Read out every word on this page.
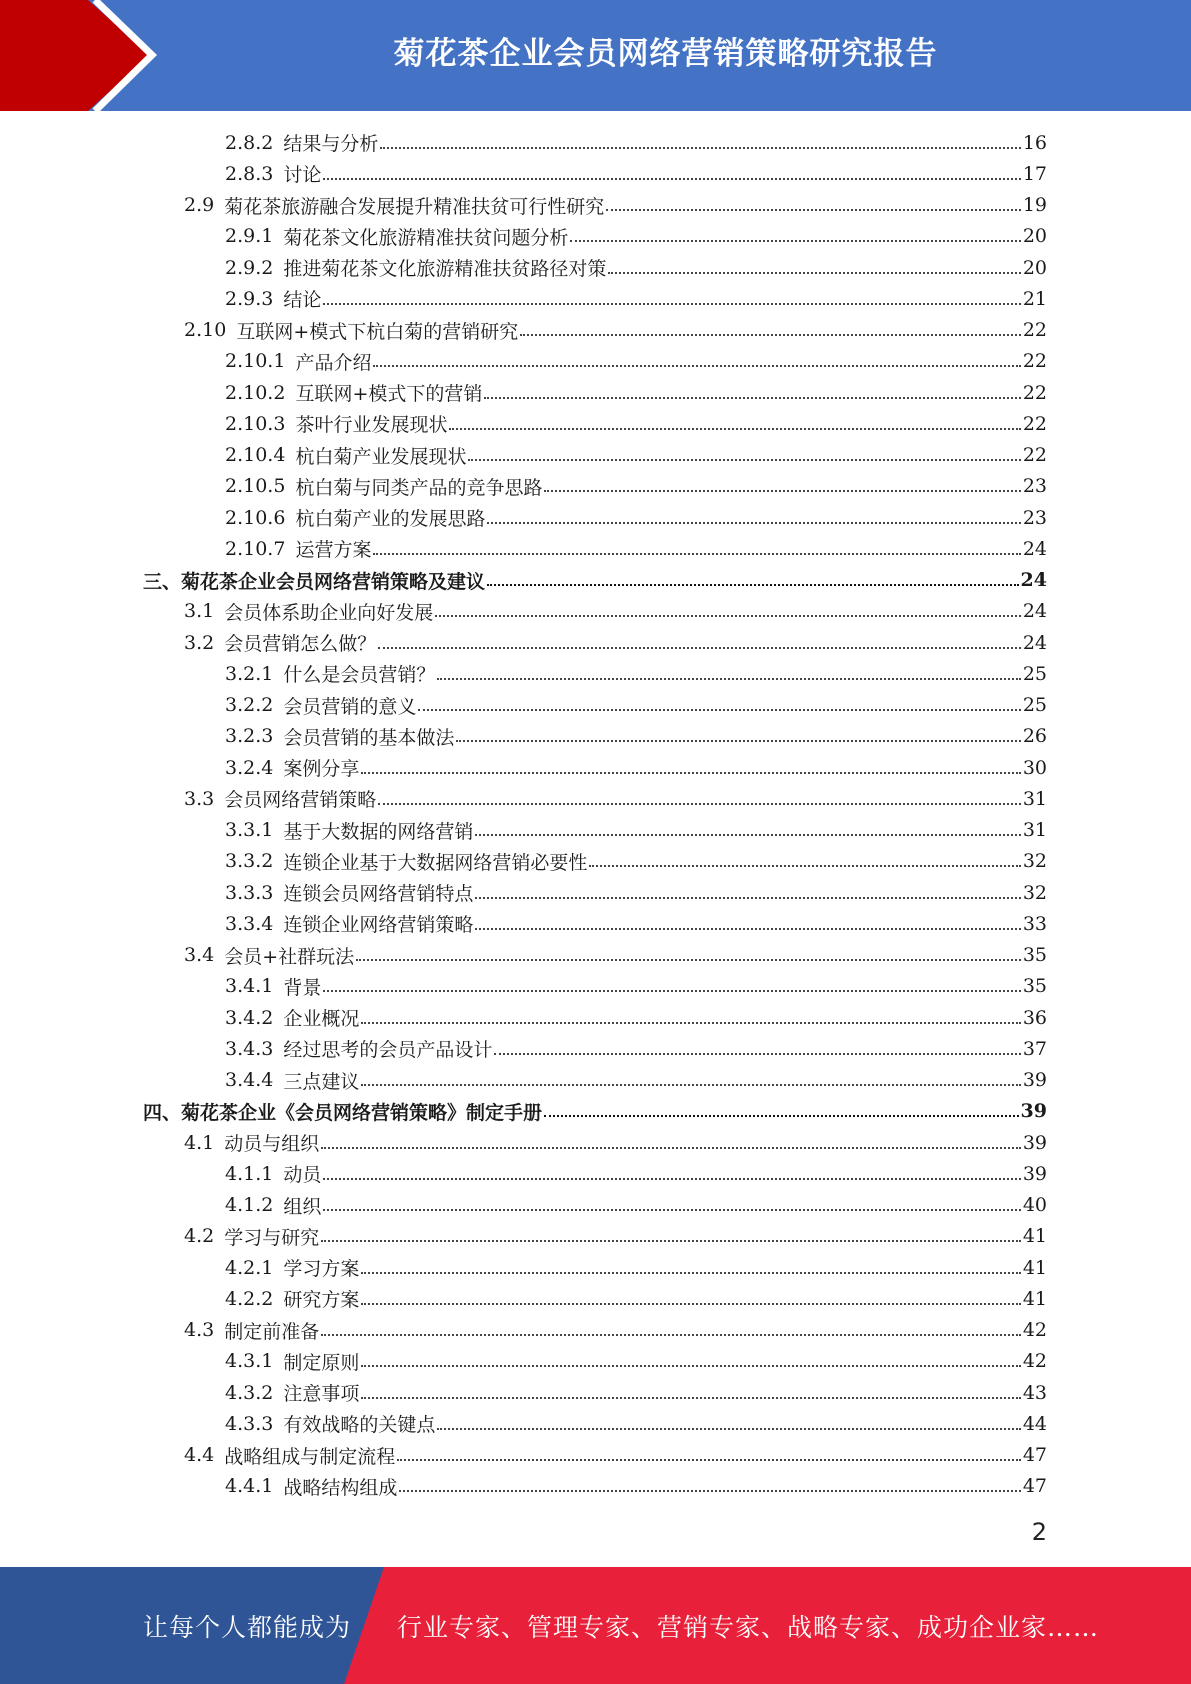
菊花茶企业会员网络营销策略研究报告
2.8.2 结果与分析	16
2.8.3 讨论	17
2.9 菊花茶旅游融合发展提升精准扶贫可行性研究	19
2.9.1 菊花茶文化旅游精准扶贫问题分析	20
2.9.2 推进菊花茶文化旅游精准扶贫路径对策	20
2.9.3 结论	21
2.10 互联网+模式下杭白菊的营销研究	22
2.10.1 产品介绍	22
2.10.2 互联网+模式下的营销	22
2.10.3 茶叶行业发展现状	22
2.10.4 杭白菊产业发展现状	22
2.10.5 杭白菊与同类产品的竞争思路	23
2.10.6 杭白菊产业的发展思路	23
2.10.7 运营方案	24
三、 菊花茶企业会员网络营销策略及建议	24
3.1 会员体系助企业向好发展	24
3.2 会员营销怎么做？	24
3.2.1 什么是会员营销？	25
3.2.2 会员营销的意义	25
3.2.3 会员营销的基本做法	26
3.2.4 案例分享	30
3.3 会员网络营销策略	31
3.3.1 基于大数据的网络营销	31
3.3.2 连锁企业基于大数据网络营销必要性	32
3.3.3 连锁会员网络营销特点	32
3.3.4 连锁企业网络营销策略	33
3.4 会员+社群玩法	35
3.4.1 背景	35
3.4.2 企业概况	36
3.4.3 经过思考的会员产品设计	37
3.4.4 三点建议	39
四、 菊花茶企业《会员网络营销策略》制定手册	39
4.1 动员与组织	39
4.1.1 动员	39
4.1.2 组织	40
4.2 学习与研究	41
4.2.1 学习方案	41
4.2.2 研究方案	41
4.3 制定前准备	42
4.3.1 制定原则	42
4.3.2 注意事项	43
4.3.3 有效战略的关键点	44
4.4 战略组成与制定流程	47
4.4.1 战略结构组成	47
2
让每个人都能成为 行业专家、管理专家、营销专家、战略专家、成功企业家……
